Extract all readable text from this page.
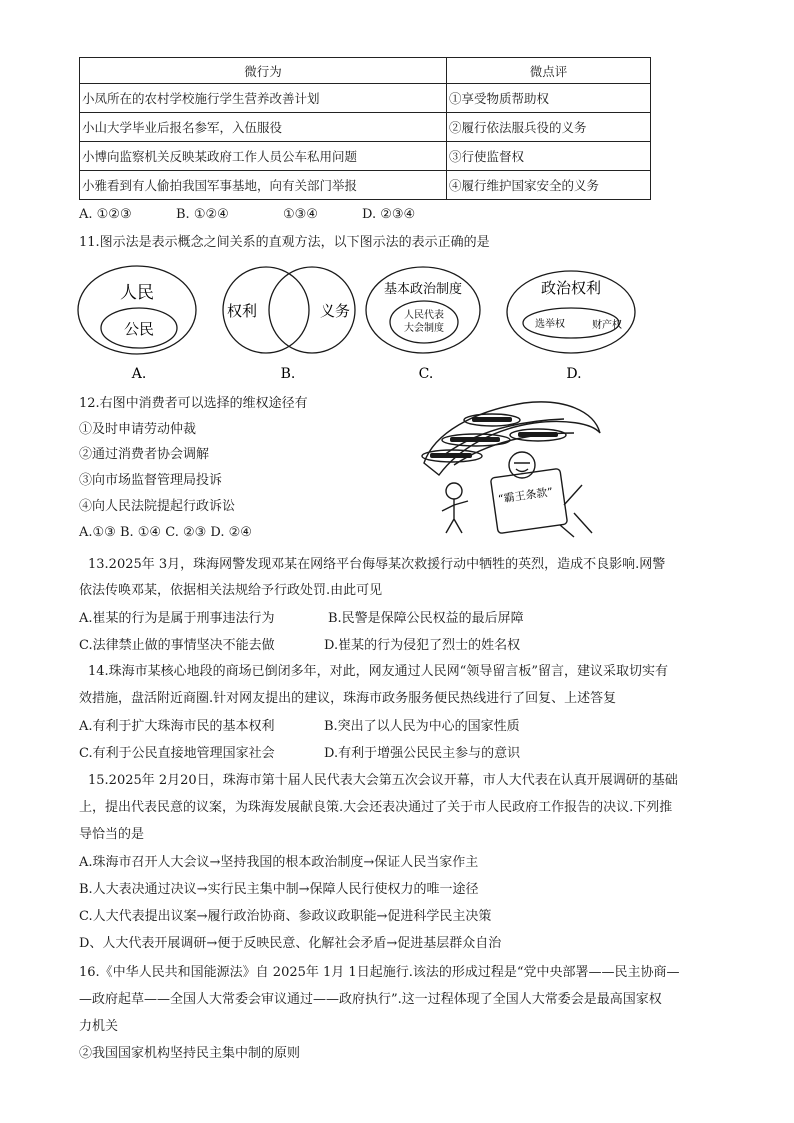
微行为	微点评
小凤所在的农村学校施行学生营养改善计划	①享受物质帮助权
小山大学毕业后报名参军，入伍服役	②履行依法服兵役的义务
小博向监察机关反映某政府工作人员公车私用问题	③行使监督权
小雅看到有人偷拍我国军事基地，向有关部门举报	④履行维护国家安全的义务
A. ①②③	B. ①②④	①③④	D. ②③④
11.图示法是表示概念之间关系的直观方法，以下图示法的表示正确的是
人民
公民
A.
权利	义务
B.
基本政治制度
人民代表
大会制度
C.
政治权利
选举权	财产权
D.
12.右图中消费者可以选择的维权途径有
①及时申请劳动仲裁
②通过消费者协会调解
③向市场监督管理局投诉
④向人民法院提起行政诉讼
A.①③ B. ①④ C. ②③ D. ②④
“霸王条款”
13.2025年 3月，珠海网警发现邓某在网络平台侮辱某次救援行动中牺牲的英烈，造成不良影响.网警
依法传唤邓某，依据相关法规给予行政处罚.由此可见
A.崔某的行为是属于刑事违法行为	B.民警是保障公民权益的最后屏障
C.法律禁止做的事情坚决不能去做	D.崔某的行为侵犯了烈士的姓名权
14.珠海市某核心地段的商场已倒闭多年，对此，网友通过人民网“领导留言板”留言，建议采取切实有
效措施，盘活附近商圈.针对网友提出的建议，珠海市政务服务便民热线进行了回复、上述答复
A.有利于扩大珠海市民的基本权利	B.突出了以人民为中心的国家性质
C.有利于公民直接地管理国家社会	D.有利于增强公民民主参与的意识
15.2025年 2月20日，珠海市第十届人民代表大会第五次会议开幕，市人大代表在认真开展调研的基础
上，提出代表民意的议案，为珠海发展献良策.大会还表决通过了关于市人民政府工作报告的决议.下列推
导恰当的是
A.珠海市召开人大会议→坚持我国的根本政治制度→保证人民当家作主
B.人大表决通过决议→实行民主集中制→保障人民行使权力的唯一途径
C.人大代表提出议案→履行政治协商、参政议政职能→促进科学民主决策
D、人大代表开展调研→便于反映民意、化解社会矛盾→促进基层群众自治
16.《中华人民共和国能源法》自 2025年 1月 1日起施行.该法的形成过程是“党中央部署——民主协商—
—政府起草——全国人大常委会审议通过——政府执行”.这一过程体现了全国人大常委会是最高国家权
力机关
②我国国家机构坚持民主集中制的原则
